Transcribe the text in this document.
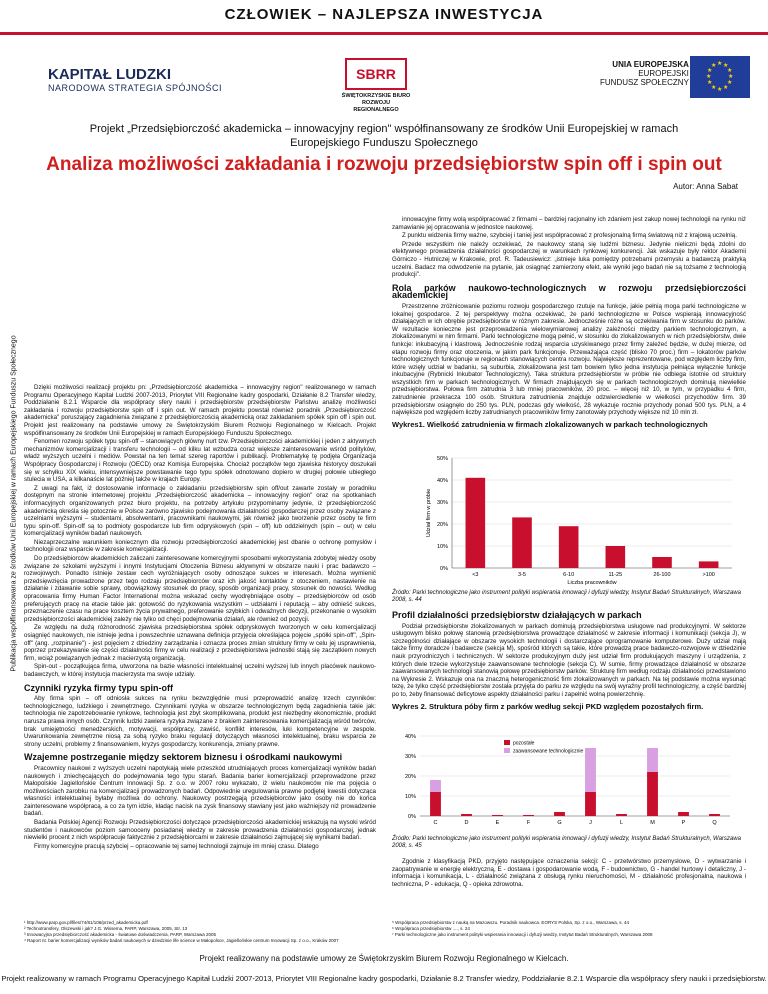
CZŁOWIEK – NAJLEPSZA INWESTYCJA
KAPITAŁ LUDZKI
NARODOWA STRATEGIA SPÓJNOŚCI
SBRR
ŚWIĘTOKRZYSKIE BIURO ROZWOJU REGIONALNEGO
UNIA EUROPEJSKA
EUROPEJSKI
FUNDUSZ SPOŁECZNY
★ ★
★
★
★
★
★
★
★
★
★
★
Projekt „Przedsiębiorczość akademicka – innowacyjny region" współfinansowany ze środków Unii Europejskiej w ramach Europejskiego Funduszu Społecznego
Analiza możliwości zakładania i rozwoju przedsiębiorstw spin off i spin out
Autor: Anna Sabat
Publikacja współfinansowana ze środków Unii Europejskiej w ramach Europejskiego Funduszu Społecznego	Dzięki możliwości realizacji projektu pn: „Przedsiębiorczość akademicka – innowacyjny region" realizowanego w ramach Programu Operacyjnego Kapitał Ludzki 2007-2013, Priorytet VIII Regionalne kadry gospodarki, Działanie 8.2 Transfer wiedzy, Poddziałanie 8.2.1 Wsparcie dla współpracy sfery nauki i przedsiębiorstw przedsiębiorstw Państwu analizę możliwości zakładania i rozwoju przedsiębiorstw spin off i spin out. W ramach projektu powstał również poradnik „Przedsiębiorczość akademicka" poruszający zagadnienia związane z przedsiębiorczością akademicką oraz zakładaniem spółek spin off i spin out. Projekt jest realizowany na podstawie umowy ze Świętokrzyskim Biurem Rozwoju Regionalnego w Kielcach. Projekt współfinansowany ze środków Unii Europejskiej w ramach Europejskiego Funduszu Społecznego.

Fenomen rozwoju spółek typu spin-off – stanowiących główny nurt tzw. Przedsiębiorczości akademickiej i jeden z aktywnych mechanizmów komercjalizacji i transferu technologii – od kilku lat wzbudza coraz większe zainteresowanie wśród polityków, władz wyższych uczelni i mediów. Powstał na ten temat szereg raportów i publikacji. Problematykę tę podjęła Organizacja Współpracy Gospodarczej i Rozwoju (OECD) oraz Komisja Europejska. Chociaż początków tego zjawiska historycy doszukali się w schyłku XIX wieku, intensywniejsze powstawanie tego typu spółek odnotowano dopiero w drugiej połowie ubiegłego stulecia w USA, a kilkanaście lat później także w krajach Europy.

Z uwagi na fakt, iż dostosowanie informacje o zakładaniu przedsiębiorstw spin off/out zawarte zostały w poradniku dostępnym na stronie internetowej projektu „Przedsiębiorczość akademicka – innowacyjny region" oraz na spotkaniach informacyjnych organizowanych przez biuro projektu, na potrzeby artykułu przypominamy jedynie, iż przedsiębiorczość akademicką określa się potocznie w Polsce zarówno zjawisko podejmowania działalności gospodarczej przez osoby związane z uczelniami wyższymi – studentami, absolwentami, pracownikami naukowymi, jak również jako tworzenie przez osoby te firm typu spin-off. Spin-off są to podmioty gospodarcze lub firm odpryskowych (spin – off) lub oddzielnych (spin – out) w celu komercjalizacji wyników badań naukowych.

Niezaprzeczalne warunkiem koniecznym dla rozwoju przedsiębiorczości akademickiej jest dbanie o ochronę pomysłów i technologii oraz wsparcie w zakresie komercjalizacji.

Do przedsiębiorców akademickich zaliczani zainteresowane komercyjnymi sposobami wykorzystania zdobytej wiedzy osoby związane ze szkołami wyższymi i innymi Instytucjami Otoczenia Biznesu aktywnymi w obszarze nauki i prac badawczo – rozwojowych. Ponadto istnieje zestaw cech wyróżniających osoby odnoszące sukces w interesach. Można wymienić przedsięwzięcia prowadzone przez tego rodzaju przedsiębiorców oraz ich jakość kontaktów z otoczeniem, nastawienie na działanie i zdawanie sobie sprawy, obowiązkowy stosunek do pracy, sposób organizacji pracy, stosunek do nowości. Według opracowania firmy Human Factor International można wskazać cechy wyodrębniające osoby – przedsiębiorców od osób preferujących pracę na etacie takie jak: gotowość do ryzykowania wszystkim – udziałami i reputacją – aby odnieść sukces, przeznaczenie czasu na prace kosztem życia prywatnego, preferowanie szybkich i odważnych decyzji, przekonanie o wysokim przedsiębiorczości akademickiej zależy nie tylko od chęci podejmowania działań, ale również od pozycji.

Ze względu na dużą różnorodność zjawiska przedsiębiorstwa spółek odpryskowych tworzonych w celu komercjalizacji osiągnięć naukowych, nie istnieje jedna i powszechnie uznawana definicja przyjęcia określająca pojęcie „spółki spin-off", „Spin-off" (ang. „rozpinanie") - jest pojęciem z dziedziny zarządzania i oznacza proces zmian struktury firmy w celu jej usprawnienia, poprzez przekazywanie się części działalności firmy w celu realizacji z przedsiębiorstwa jednostki stają się zaczątkiem nowych firm, wciąż powiązanych jednak z macierzystą organizacją.

Spin-out - początkująca firma, utworzona na bazie własności intelektualnej uczelni wyższej lub innych placówek naukowo-badawczych, w której instytucja macierzysta ma swoje udziały.

Czynniki ryzyka firmy typu spin-off

Aby firma spin – off odniosła sukces na rynku bezwzględnie musi przeprowadzić analizę trzech czynników: technologicznego, ludzkiego i zewnętrznego. Czynnikami ryzyka w obszarze technologicznym będą zagadnienia takie jak: technologia nie zapotrzebowanie rynkowe, technologia jest zbyt skomplikowana, produkt jest niezbędny ekonomicznie, produkt narusza prawa innych osób. Czynnik ludzki zawiera ryzyka związane z brakiem zainteresowania komercjalizacją wśród twórców, brak umiejętności menedżerskich, motywacji, współpracy, zawiść, konflikt interesów, luki kompetencyjne w zespole. Uwarunkowania zewnętrzne niosą za sobą ryzyko braku regulacji dotyczących własności intelektualnej, braku wsparcia ze strony uczelni, problemy z finansowaniem, kryzys gospodarczy, konkurencja, zmiany prawne.

Wzajemne postrzeganie między sektorem biznesu i ośrodkami naukowymi

Pracownicy naukowi z wyższych uczelni napotykają wiele przeszkód utrudniających proces komercjalizacji wyników badań naukowych i zniechęcających do podejmowania tego typu starań. Badania barier komercjalizacji przeprowadzone przez Małopolskie Jagiellońskie Centrum Innowacji Sp. z o.o. w 2007 roku wykazało, iż wielu naukowców nie ma pojęcia o możliwościach zarobku na komercjalizacji prowadzonych badań. Odpowiednie uregulowania prawne podjętej kwestii dotycząca własności intelektualnej byłaby możliwa do ochrony. Naukowcy postrzegają przedsiębiorców jako osoby nie do końca zainteresowane współpracą, a co za tym idzie, kładąc nacisk na zysk finansowy stawiany jest jako ważniejszy niż prowadzenie badań.

Badania Polskiej Agencji Rozwoju Przedsiębiorczości dotyczące przedsiębiorczości akademickiej wskazują na wysoki wśród studentów i naukowców poziom samooceny posiadanej wiedzy w zakresie prowadzenia działalności gospodarczej, jednak niewielki procent z nich współpracuje faktycznie z przedsiębiorcami w zakresie działalności zajmującej się wynikami badań.

Firmy komercyjne pracują szybciej – opracowanie tej samej technologii zajmuje im mniej czasu. Dlatego

¹ http://www.parp.gov.pl/files/74/81/106/przed_akademicka.pdf
² Technotransfery, Olszewski i jak? J.G. Wissema, PARP, Warszawa, 2005, Str. 13
³ Innowacyjna przedsiębiorczość akademicka - światowe doświadczenia, PARP, Warszawa 2005
⁴ Raport nt. barier komercjalizacji wyników badań naukowych w dziedzinie life science w Małopolsce, Jagiellońskie centrum Innowacji Sp. z o.o., Kraków 2007

innowacyjne firmy wolą współpracować z firmami – bardziej racjonalny ich zdaniem jest zakup nowej technologii na rynku niż zamawianie jej opracowania w jednostce naukowej.

Z punktu widzenia firmy ważne, szybciej i taniej jest współpracować z profesjonalną firmą światową niż z krajową uczelnią.

Przede wszystkim nie należy oczekiwać, że naukowcy staną się ludźmi biznesu. Jedynie nieliczni będą zdolni do efektywnego prowadzenia działalności gospodarczej w warunkach rynkowej konkurencji. Jak wskazuje były rektor Akademii Górniczo - Hutniczej w Krakowie, prof. R. Tadeusiewicz: „istnieje luka pomiędzy potrzebami przemysłu a badawczą praktyką uczelni. Badacz ma odwodzenie na pytanie, jak osiągnąć zamierzony efekt, ale wyniki jego badań nie są tożsame z technologią produkcji".

Rola parków naukowo-technologicznych w rozwoju przedsiębiorczości akademickiej

Przestrzenne zróżnicowanie poziomu rozwoju gospodarczego rzutuje na funkcje, jakie pełnią moga parki technologiczne w lokalnej gospodarce. Z tej perspektywy można oczekiwać, że parki technologiczne w Polsce wspierają innowacyjność działających w ich obrębie przedsiębiorstw w różnym zakresie. Jednocześnie różne są oczekiwania firm w stosunku do parków. W rezultacie konieczne jest przeprowadzenia wielowymiarowej analizy zależności między parkiem technologicznym, a zlokalizowanymi w nim firmami. Parki technologiczne mogą pełnić, w stosunku do zlokalizowanych w nich przedsiębiorstw, dwie funkcje: inkubacyjną i klastrową. Jednocześnie rodzaj wsparcia uzyskiwanego przez firmy zależeć będzie, w dużej mierze, od etapu rozwoju firmy oraz otoczenia, w jakim park funkcjonuje. Przeważająca część (blisko 70 proc.) firm – lokatorów parków technologicznych funkcjonuje w regionach stanowiących centra rozwoju. Największe reprezentowane, pod względem liczby firm, które wzięły udział w badaniu, są suburbia, zlokalizowana jest tam bowiem tylko jedna instytucja pełniąca wyłącznie funkcje inkubacyjne (Rybnicki Inkubator Technologiczny). Taka struktura przedsiębiorstw w próbie nie odbiega istotnie od struktury wszystkich firm w parkach technologicznych. W firmach znajdujących się w parkach technologicznych dominują niewielkie przedsiębiorstwa. Połowa firm zatrudnia 3 lub mniej pracowników, 20 proc. – więcej niż 10, w tym, w przypadku 4 firm, zatrudnienie przekracza 100 osób. Struktura zatrudnienia znajduje odzwierciedlenie w wielkości przychodów firm. 39 przedsiębiorstw osiągnęło do 250 tys. PLN, podczas gdy wielkość, 28 wykazuje rocznie przychody ponad 500 tys. PLN, a 4 największe pod względem liczby zatrudnianych pracowników firmy zanotowały przychody większe niż 10 mln zł.

Wykres1. Wielkość zatrudnienia w firmach zlokalizowanych w parkach technologicznych
0%
10%
20%
30%
40%
50%
<3	3-5	6-10	11-25	26-100	>100
Liczba pracowników
Udział firm w próbie
Źródło: Parki technologiczne jako instrument polityki wspierania innowacji i dyfuzji wiedzy, Instytut Badań Strukturalnych, Warszawa 2008, s. 44
Profil działalności przedsiębiorstw działających w parkach

Podział przedsiębiorstw zlokalizowanych w parkach dominują przedsiębiorstwa usługowe nad produkcyjnymi. W sektorze usługowym blisko połowę stanowią przedsiębiorstwa prowadzące działalność w zakresie informacji i komunikacji (sekcja J), w szczególności działające w obszarze wysokich technologii i dostarczające oprogramowanie komputerowe. Duży udział mają także firmy doradcze i badawcze (sekcja M), spośród których są takie, które prowadzą prace badawczo-rozwojowe w dziedzinie nauk przyrodniczych i technicznych. W sektorze produkcyjnym duży jest udział firm produkujących maszyny i urządzenia, z których dwie trzecie wykorzystuje zaawansowane technologie (sekcja C). W sumie, firmy prowadzące działalność w obszarze zaawansowanych technologii stanowią połowę przedsiębiorstw parków. Strukturę firm według rodzaju działalności przedstawiono na Wykresie 2. Wskazuje ona na znaczną heterogeniczność firm zlokalizowanych w parkach. Na tej podstawie można wysunąć tezę, że tylko część przedsiębiorstw została przyjęta do parku ze względu na swój wyraźny profil technologiczny, a część bardziej po to, żeby finansować deficytowe aspekty działalności parku i zapełnić wolną powierzchnię.

Wykres 2. Struktura póby firm z parków według sekcji PKD względem pozostałych firm.
0%
10%
20%
30%
40%
C	D	E	F	G	J	L	M	P	Q
pozostałe
zaawansowane technologicznie
Źródło: Parki technologiczne jako instrument polityki wspierania innowacji i dyfuzji wiedzy, Instytut Badań Strukturalnych, Warszawa 2008, s. 45

Zgodnie z klasyfikacją PKD, przyjęto następujące oznaczenia sekcji: C - przetwórstwo przemysłowe, D - wytwarzanie i zaopatrywanie w energię elektryczną, E - dostawa i gospodarowanie wodą, F - budownictwo, G - handel hurtowy i detaliczny, J - informacja i komunikacja, L - działalność związana z obsługą rynku nieruchomości, M - działalność profesjonalna, naukowa i techniczna, P - edukacja, Q - opieka zdrowotna.

⁵ Współpraca przedsiębiorstw z nauką na Mazowszu. Poradnik naukowca. EORYS Polska, Sp. z o.o., Warszawa, s. 44
⁶ Współpraca przedsiębiorstw ...., s. 24
⁷ Parki technologiczne jako instrument polityki wspierania innowacji i dyfuzji wiedzy, Instytut Badań Strukturalnych, Warszawa 2008
Projekt realizowany na podstawie umowy ze Świętokrzyskim Biurem Rozwoju Regionalnego w Kielcach.
Projekt realizowany w ramach Programu Operacyjnego Kapitał Ludzki 2007-2013, Priorytet VIII Regionalne kadry gospodarki, Działanie 8.2 Transfer wiedzy, Poddziałanie 8.2.1 Wsparcie dla współpracy sfery nauki i przedsiębiorstw.
